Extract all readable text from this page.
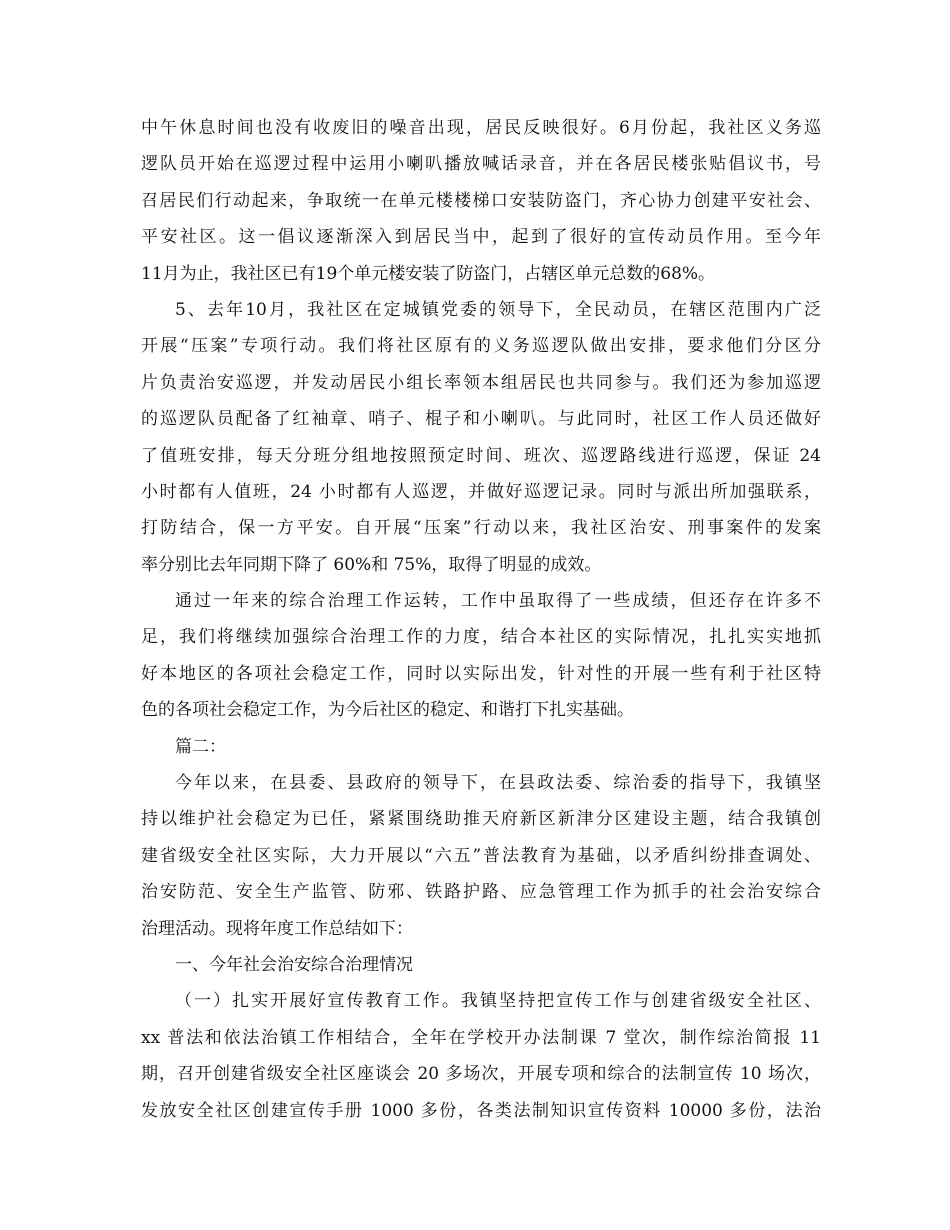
中午休息时间也没有收废旧的噪音出现，居民反映很好。6月份起，我社区义务巡
逻队员开始在巡逻过程中运用小喇叭播放喊话录音，并在各居民楼张贴倡议书，号
召居民们行动起来，争取统一在单元楼楼梯口安装防盗门，齐心协力创建平安社会、
平安社区。这一倡议逐渐深入到居民当中，起到了很好的宣传动员作用。至今年
11月为止，我社区已有19个单元楼安装了防盗门，占辖区单元总数的68%。
5、去年10月，我社区在定城镇党委的领导下，全民动员，在辖区范围内广泛
开展“压案”专项行动。我们将社区原有的义务巡逻队做出安排，要求他们分区分
片负责治安巡逻，并发动居民小组长率领本组居民也共同参与。我们还为参加巡逻
的巡逻队员配备了红袖章、哨子、棍子和小喇叭。与此同时，社区工作人员还做好
了值班安排，每天分班分组地按照预定时间、班次、巡逻路线进行巡逻，保证 24
小时都有人值班，24 小时都有人巡逻，并做好巡逻记录。同时与派出所加强联系，
打防结合，保一方平安。自开展“压案”行动以来，我社区治安、刑事案件的发案
率分别比去年同期下降了 60%和 75%，取得了明显的成效。
通过一年来的综合治理工作运转，工作中虽取得了一些成绩，但还存在许多不
足，我们将继续加强综合治理工作的力度，结合本社区的实际情况，扎扎实实地抓
好本地区的各项社会稳定工作，同时以实际出发，针对性的开展一些有利于社区特
色的各项社会稳定工作，为今后社区的稳定、和谐打下扎实基础。
篇二：
今年以来，在县委、县政府的领导下，在县政法委、综治委的指导下，我镇坚
持以维护社会稳定为已任，紧紧围绕助推天府新区新津分区建设主题，结合我镇创
建省级安全社区实际，大力开展以“六五”普法教育为基础，以矛盾纠纷排查调处、
治安防范、安全生产监管、防邪、铁路护路、应急管理工作为抓手的社会治安综合
治理活动。现将年度工作总结如下：
一、今年社会治安综合治理情况
（一）扎实开展好宣传教育工作。我镇坚持把宣传工作与创建省级安全社区、
xx 普法和依法治镇工作相结合，全年在学校开办法制课 7 堂次，制作综治简报 11
期，召开创建省级安全社区座谈会 20 多场次，开展专项和综合的法制宣传 10 场次，
发放安全社区创建宣传手册 1000 多份，各类法制知识宣传资料 10000 多份，法治
